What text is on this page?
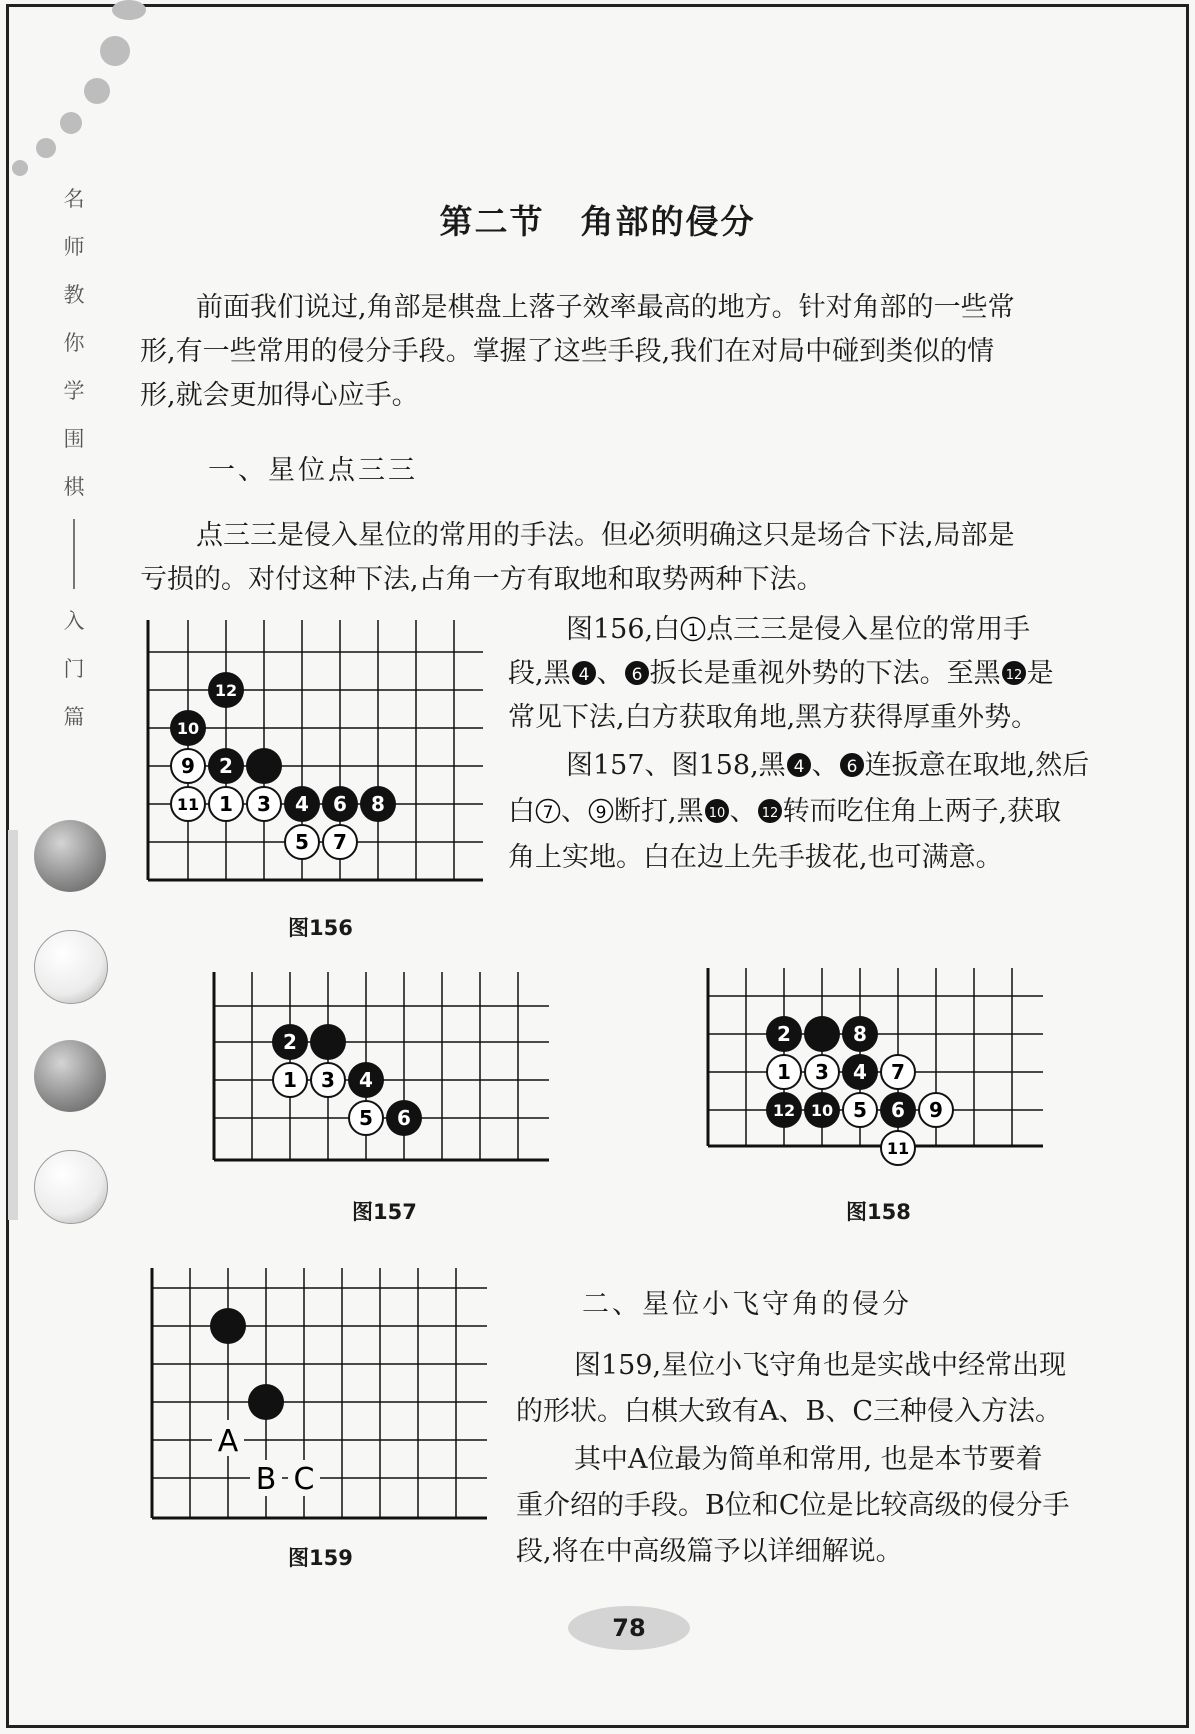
名
师
教
你
学
围
棋
入
门
篇
第二节 角部的侵分

前面我们说过,角部是棋盘上落子效率最高的地方。针对角部的一些常

形,有一些常用的侵分手段。掌握了这些手段,我们在对局中碰到类似的情

形,就会更加得心应手。

一、星位点三三

点三三是侵入星位的常用的手法。但必须明确这只是场合下法,局部是

亏损的。对付这种下法,占角一方有取地和取势两种下法。

图156,白 1 点三三是侵入星位的常用手

段,黑 4 、 6 扳长是重视外势的下法。至黑 12 是

常见下法,白方获取角地,黑方获得厚重外势。

图157、图158,黑 4 、 6 连扳意在取地,然后

白 7 、 9 断打,黑 10 、 12 转而吃住角上两子,获取

角上实地。白在边上先手拔花,也可满意。

12
10
9 2
11 1 3 4 6 8
5 7
图156
2
1 3 4
5 6
图157
2	8
1 3 4 7
12 10 5 6 9
11
图158
A
B C
图159
二、星位小飞守角的侵分

图159,星位小飞守角也是实战中经常出现

的形状。白棋大致有A、B、C三种侵入方法。

其中A位最为简单和常用, 也是本节要着

重介绍的手段。B位和C位是比较高级的侵分手

段,将在中高级篇予以详细解说。

78
